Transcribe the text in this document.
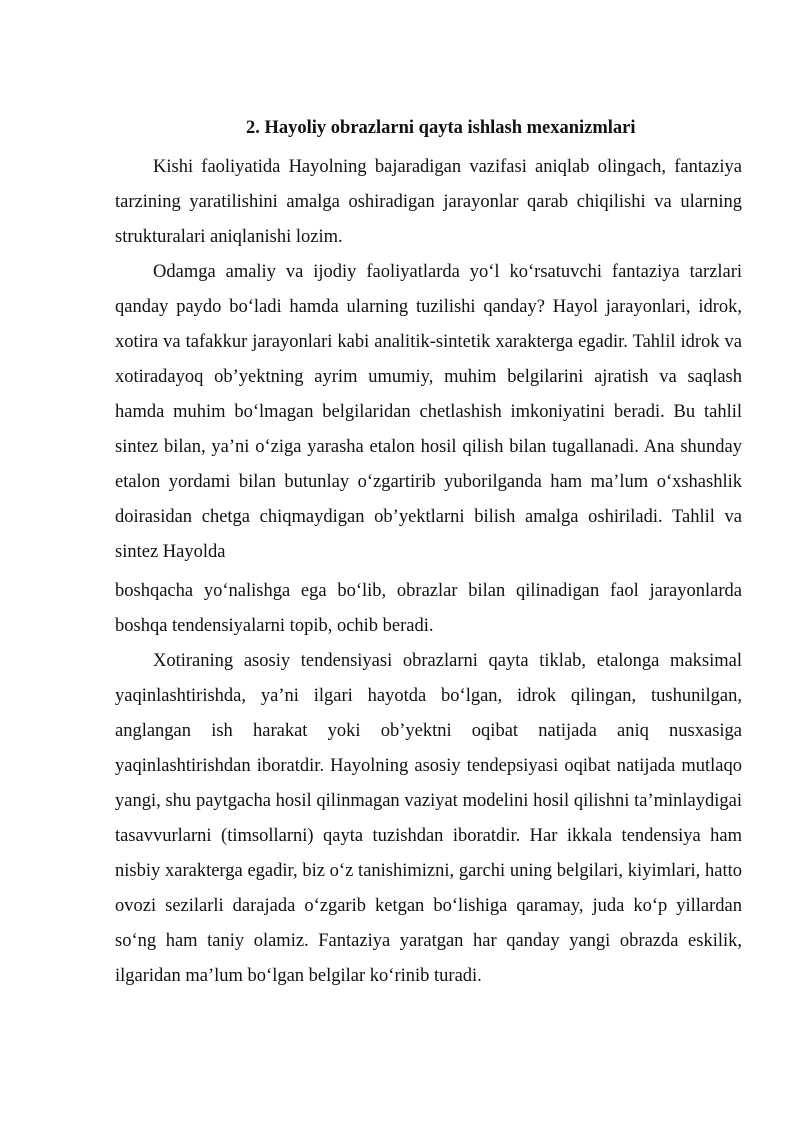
2. Hayoliy obrazlarni qayta ishlash mexanizmlari

Kishi faoliyatida Hayolning bajaradigan vazifasi aniqlab olingach, fantaziya tarzining yaratilishini amalga oshiradigan jarayonlar qarab chiqilishi va ularning strukturalari aniqlanishi lozim.

Odamga amaliy va ijodiy faoliyatlarda yo‘l ko‘rsatuvchi fantaziya tarzlari qanday paydo bo‘ladi hamda ularning tuzilishi qanday? Hayol jarayonlari, idrok, xotira va tafakkur jarayonlari kabi analitik-sintetik xarakterga egadir. Tahlil idrok va xotiradayoq ob’yektning ayrim umumiy, muhim belgilarini ajratish va saqlash hamda muhim bo‘lmagan belgilaridan chetlashish imkoniyatini beradi. Bu tahlil sintez bilan, ya’ni o‘ziga yarasha etalon hosil qilish bilan tugallanadi. Ana shunday etalon yordami bilan butunlay o‘zgartirib yuborilganda ham ma’lum o‘xshashlik doirasidan chetga chiqmaydigan ob’yektlarni bilish amalga oshiriladi. Tahlil va sintez Hayolda

boshqacha yo‘nalishga ega bo‘lib, obrazlar bilan qilinadigan faol jarayonlarda boshqa tendensiyalarni topib, ochib beradi.

Xotiraning asosiy tendensiyasi obrazlarni qayta tiklab, etalonga maksimal yaqinlashtirishda, ya’ni ilgari hayotda bo‘lgan, idrok qilingan, tushunilgan, anglangan ish harakat yoki ob’yektni oqibat natijada aniq nusxasiga yaqinlashtirishdan iboratdir. Hayolning asosiy tendepsiyasi oqibat natijada mutlaqo yangi, shu paytgacha hosil qilinmagan vaziyat modelini hosil qilishni ta’minlaydigai tasavvurlarni (timsollarni) qayta tuzishdan iboratdir. Har ikkala tendensiya ham nisbiy xarakterga egadir, biz o‘z tanishimizni, garchi uning belgilari, kiyimlari, hatto ovozi sezilarli darajada o‘zgarib ketgan bo‘lishiga qaramay, juda ko‘p yillardan so‘ng ham taniy olamiz. Fantaziya yaratgan har qanday yangi obrazda eskilik, ilgaridan ma’lum bo‘lgan belgilar ko‘rinib turadi.
